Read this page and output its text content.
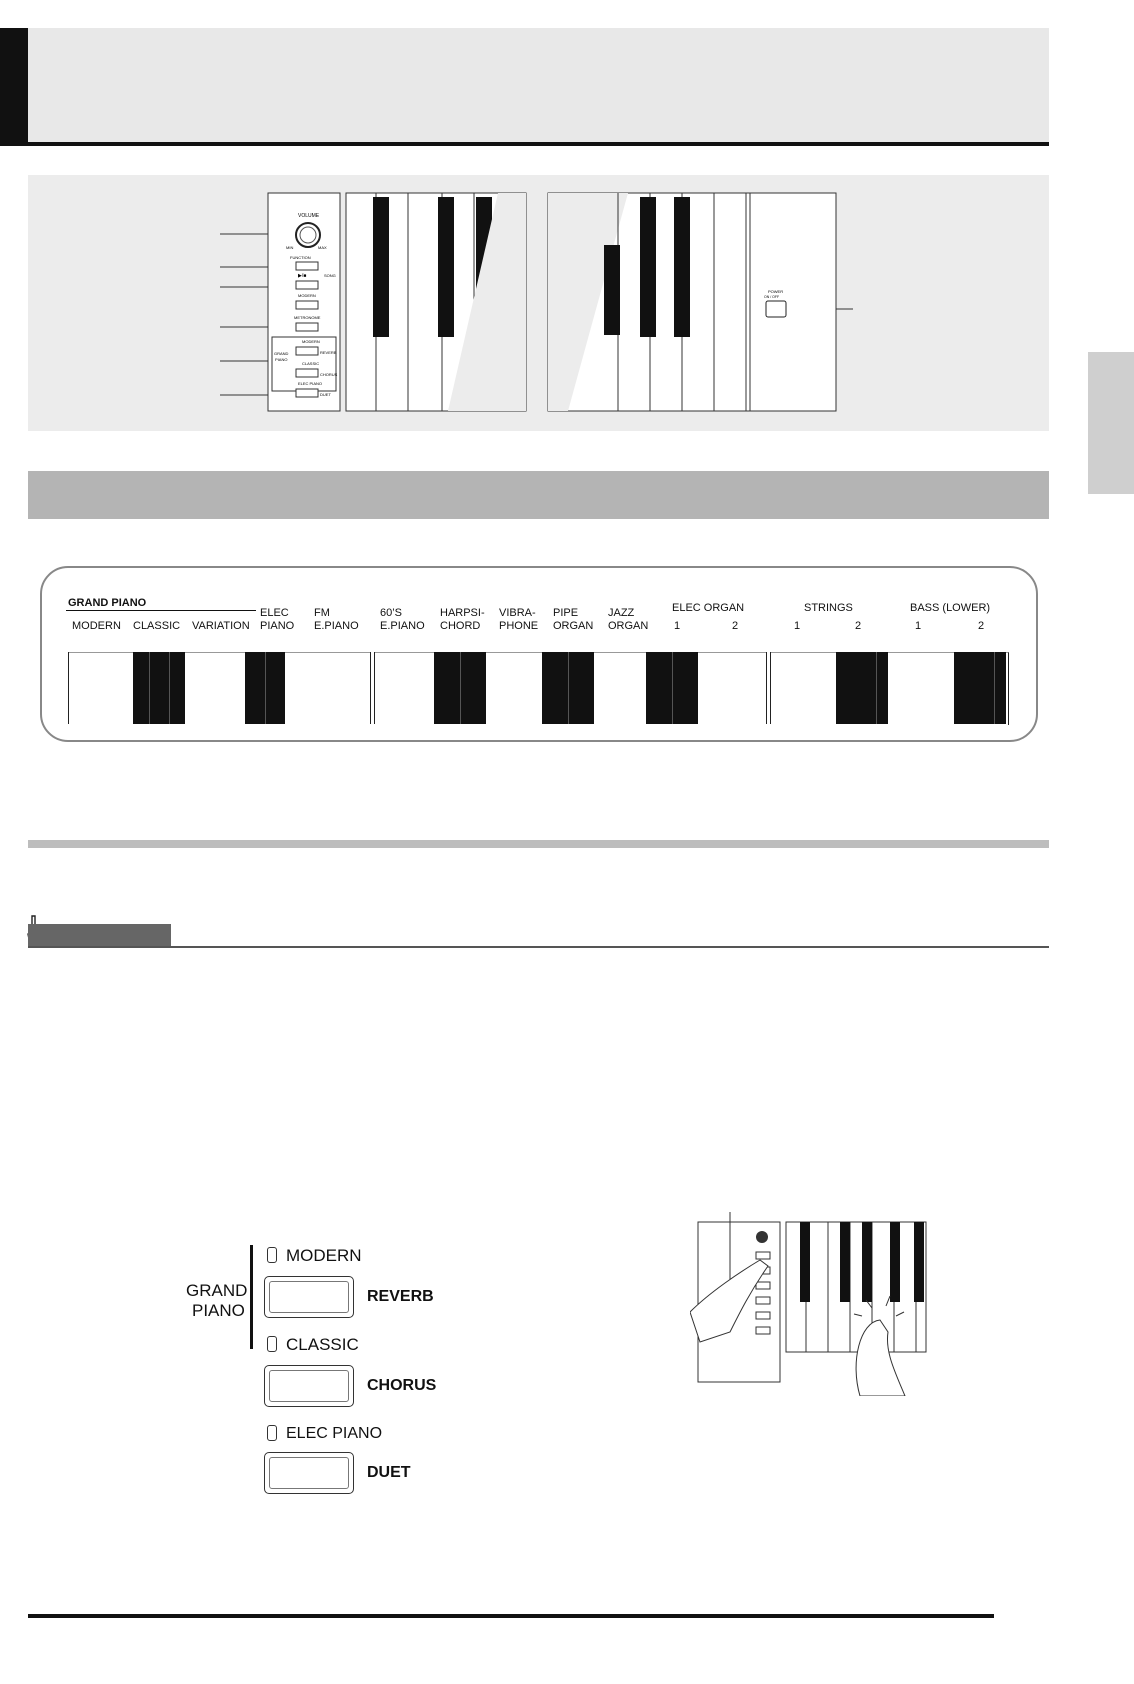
VOLUME
MIN	MAX
FUNCTION
▶/■	SONG
MODERN
METRONOME
GRAND
PIANO
MODERN
REVERB
CLASSIC
CHORUS
ELEC PIANO
DUET
POWER
ON / OFF
GRAND PIANO
MODERN CLASSIC VARIATION
ELEC
PIANO
FM
E.PIANO
60’S
E.PIANO
HARPSI-
CHORD
VIBRA-
PHONE
PIPE
ORGAN
JAZZ
ORGAN
ELEC ORGAN
1	2
STRINGS
1	2
BASS (LOWER)
1	2
GRAND
PIANO
MODERN
REVERB
CLASSIC
CHORUS
ELEC PIANO
DUET
